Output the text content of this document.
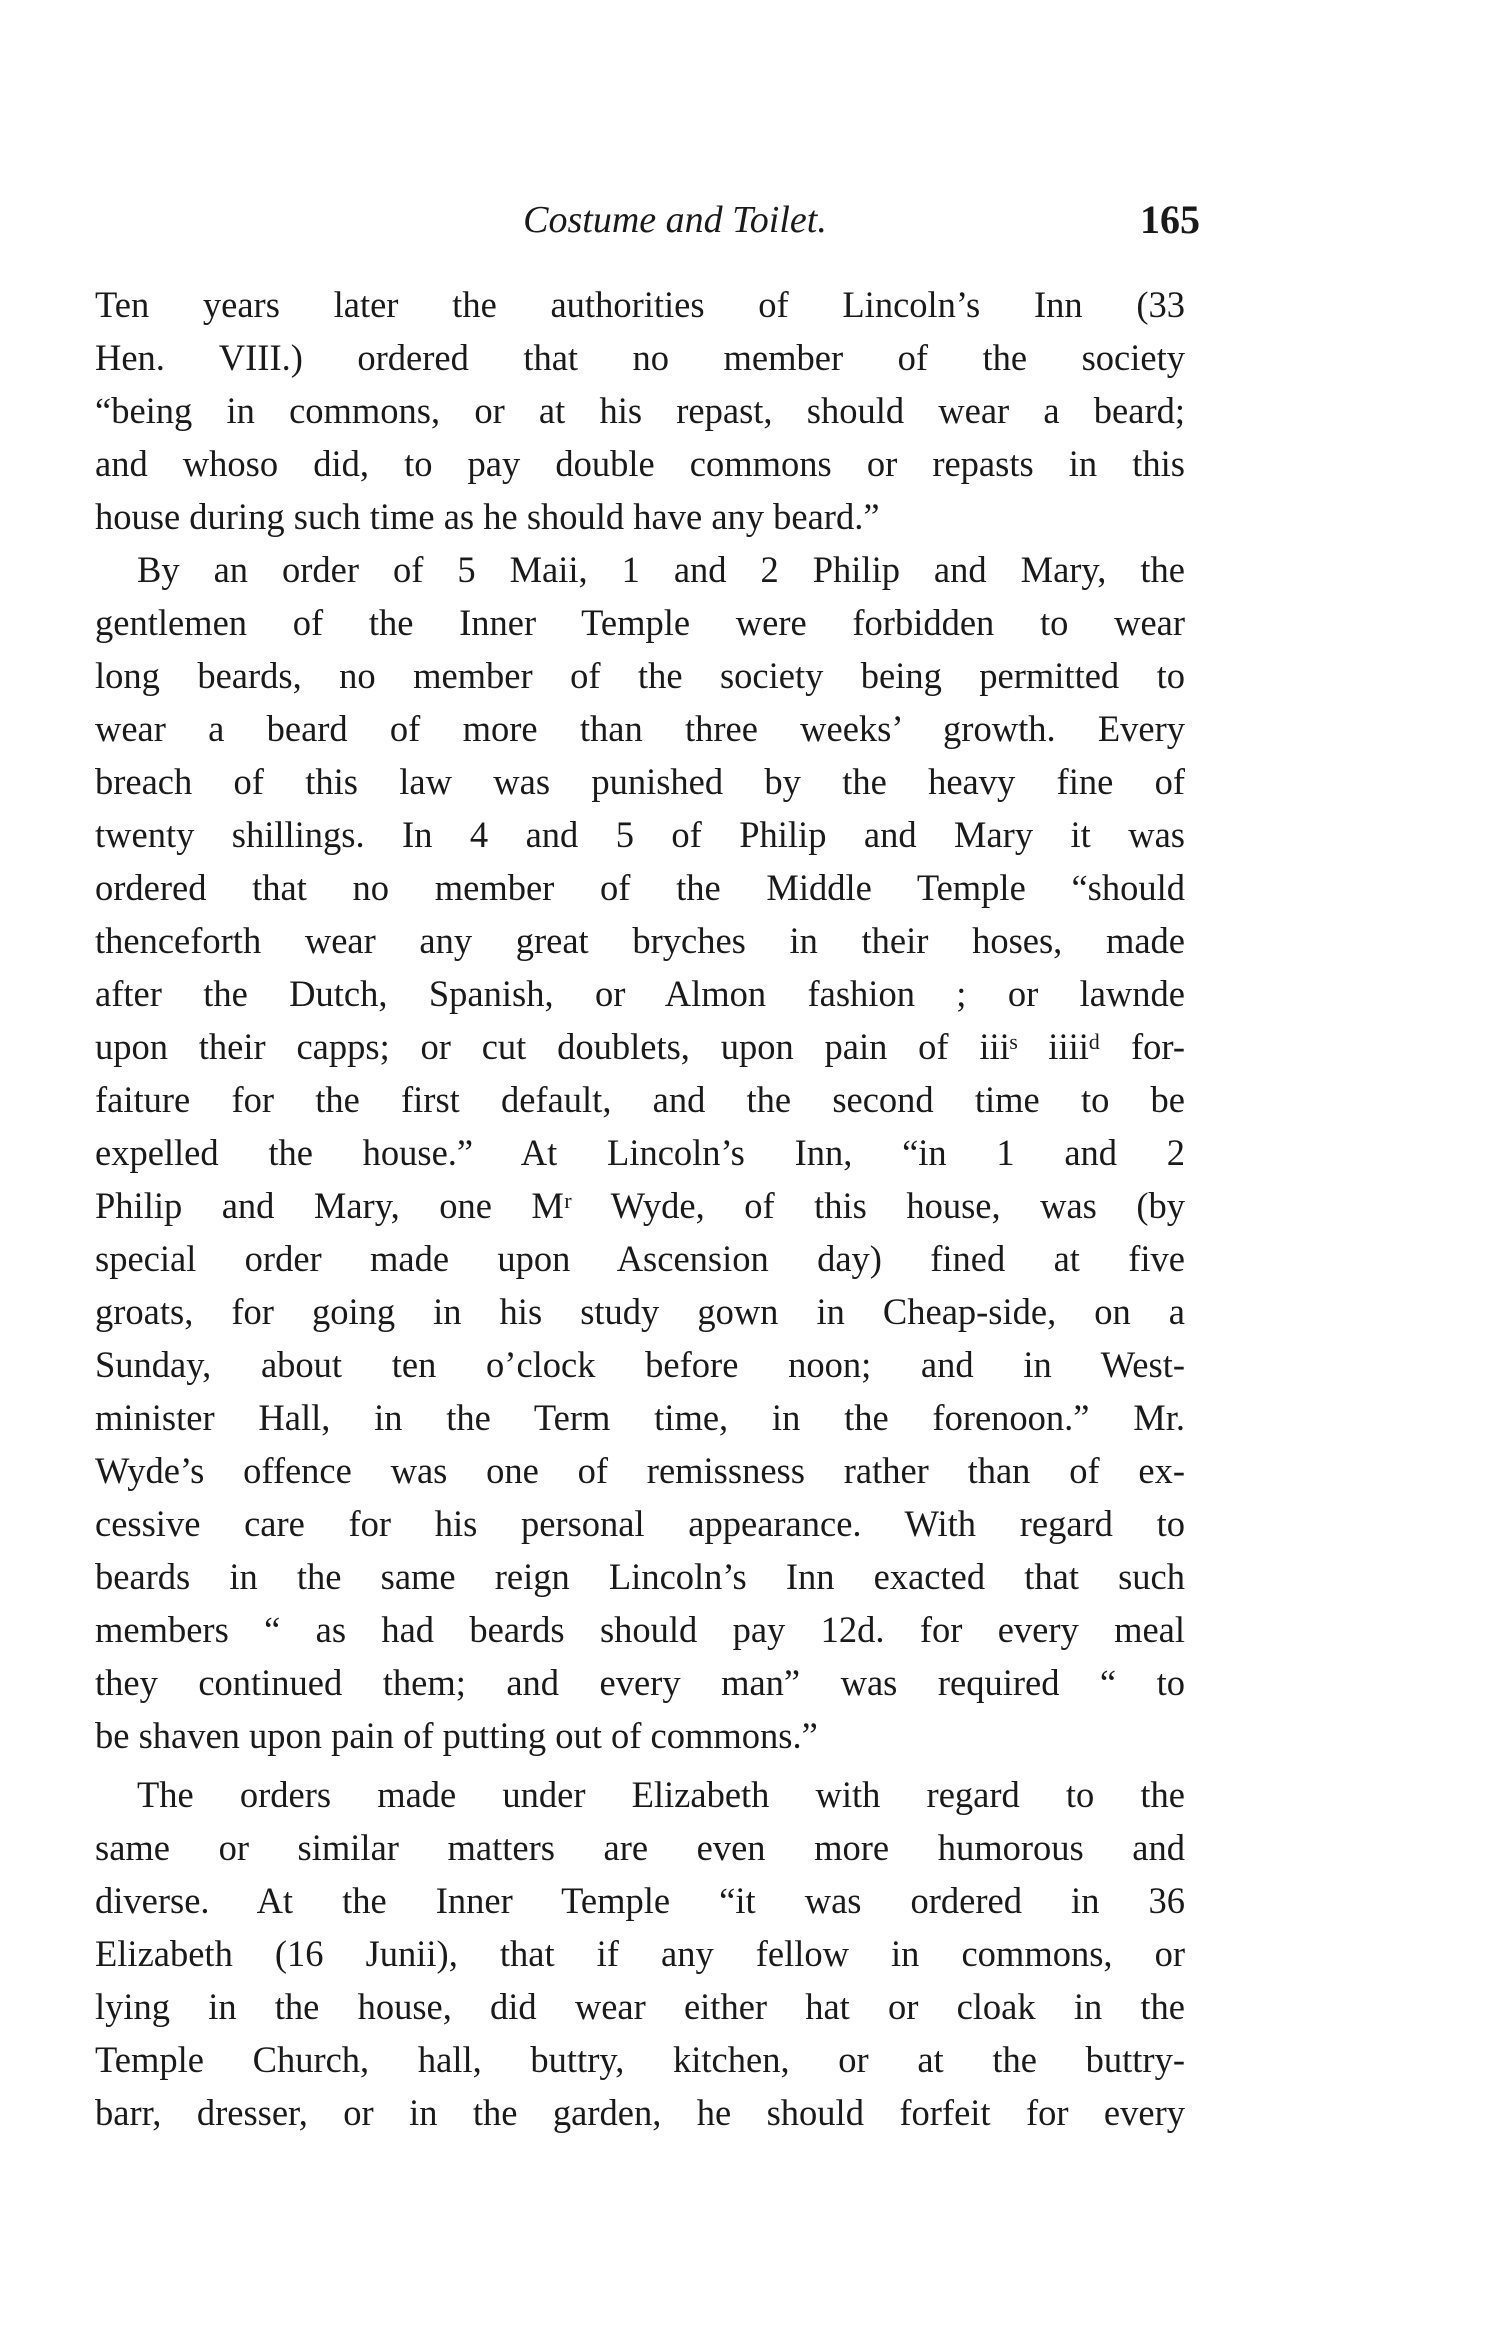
Costume and Toilet.	165
Ten years later the authorities of Lincoln’s Inn (33
Hen. VIII.) ordered that no member of the society
“being in commons, or at his repast, should wear a beard;
and whoso did, to pay double commons or repasts in this
house during such time as he should have any beard.”
By an order of 5 Maii, 1 and 2 Philip and Mary, the
gentlemen of the Inner Temple were forbidden to wear
long beards, no member of the society being permitted to
wear a beard of more than three weeks’ growth. Every
breach of this law was punished by the heavy fine of
twenty shillings. In 4 and 5 of Philip and Mary it was
ordered that no member of the Middle Temple “should
thenceforth wear any great bryches in their hoses, made
after the Dutch, Spanish, or Almon fashion ; or lawnde
upon their capps; or cut doublets, upon pain of iiiˢ iiiiᵈ for-
faiture for the first default, and the second time to be
expelled the house.” At Lincoln’s Inn, “in 1 and 2
Philip and Mary, one Mʳ Wyde, of this house, was (by
special order made upon Ascension day) fined at five
groats, for going in his study gown in Cheap-side, on a
Sunday, about ten o’clock before noon; and in West-
minister Hall, in the Term time, in the forenoon.” Mr.
Wyde’s offence was one of remissness rather than of ex-
cessive care for his personal appearance. With regard to
beards in the same reign Lincoln’s Inn exacted that such
members “ as had beards should pay 12d. for every meal
they continued them; and every man” was required “ to
be shaven upon pain of putting out of commons.”
The orders made under Elizabeth with regard to the
same or similar matters are even more humorous and
diverse. At the Inner Temple “it was ordered in 36
Elizabeth (16 Junii), that if any fellow in commons, or
lying in the house, did wear either hat or cloak in the
Temple Church, hall, buttry, kitchen, or at the buttry-
barr, dresser, or in the garden, he should forfeit for every
